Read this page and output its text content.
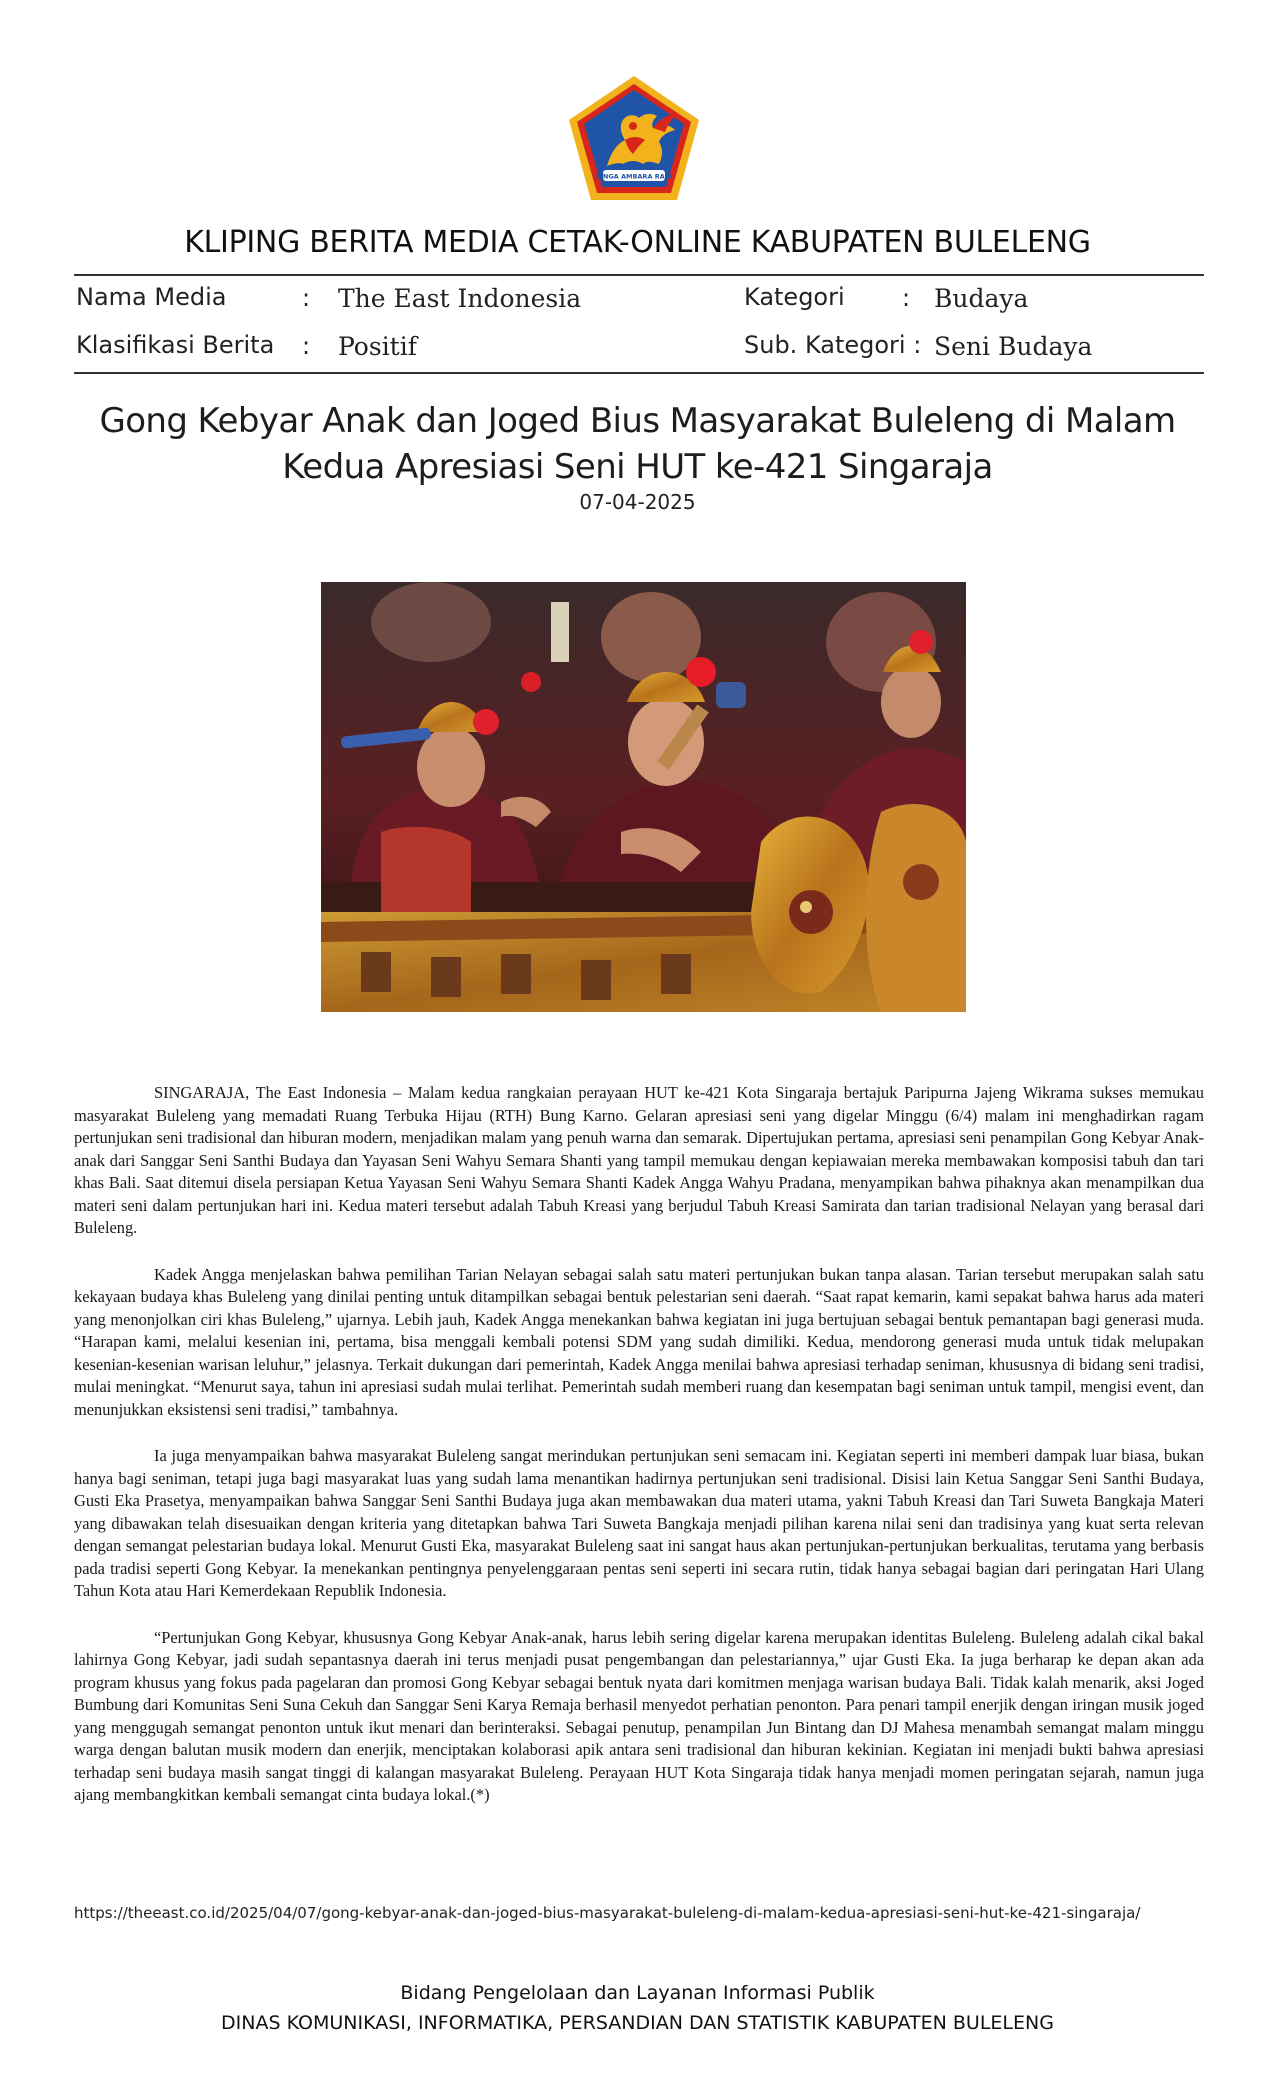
SINGA AMBARA RAJA
KLIPING BERITA MEDIA CETAK-ONLINE KABUPATEN BULELENG
Nama Media	: The East Indonesia	Kategori : Budaya
Klasifikasi Berita : Positif	Sub. Kategori : Seni Budaya
Gong Kebyar Anak dan Joged Bius Masyarakat Buleleng di Malam Kedua Apresiasi Seni HUT ke-421 Singaraja
07-04-2025

SINGARAJA, The East Indonesia – Malam kedua rangkaian perayaan HUT ke-421 Kota Singaraja bertajuk Paripurna Jajeng Wikrama sukses memukau masyarakat Buleleng yang memadati Ruang Terbuka Hijau (RTH) Bung Karno. Gelaran apresiasi seni yang digelar Minggu (6/4) malam ini menghadirkan ragam pertunjukan seni tradisional dan hiburan modern, menjadikan malam yang penuh warna dan semarak. Dipertujukan pertama, apresiasi seni penampilan Gong Kebyar Anak-anak dari Sanggar Seni Santhi Budaya dan Yayasan Seni Wahyu Semara Shanti yang tampil memukau dengan kepiawaian mereka membawakan komposisi tabuh dan tari khas Bali. Saat ditemui disela persiapan Ketua Yayasan Seni Wahyu Semara Shanti Kadek Angga Wahyu Pradana, menyampikan bahwa pihaknya akan menampilkan dua materi seni dalam pertunjukan hari ini. Kedua materi tersebut adalah Tabuh Kreasi yang berjudul Tabuh Kreasi Samirata dan tarian tradisional Nelayan yang berasal dari Buleleng.

Kadek Angga menjelaskan bahwa pemilihan Tarian Nelayan sebagai salah satu materi pertunjukan bukan tanpa alasan. Tarian tersebut merupakan salah satu kekayaan budaya khas Buleleng yang dinilai penting untuk ditampilkan sebagai bentuk pelestarian seni daerah. “Saat rapat kemarin, kami sepakat bahwa harus ada materi yang menonjolkan ciri khas Buleleng,” ujarnya. Lebih jauh, Kadek Angga menekankan bahwa kegiatan ini juga bertujuan sebagai bentuk pemantapan bagi generasi muda. “Harapan kami, melalui kesenian ini, pertama, bisa menggali kembali potensi SDM yang sudah dimiliki. Kedua, mendorong generasi muda untuk tidak melupakan kesenian-kesenian warisan leluhur,” jelasnya. Terkait dukungan dari pemerintah, Kadek Angga menilai bahwa apresiasi terhadap seniman, khususnya di bidang seni tradisi, mulai meningkat. “Menurut saya, tahun ini apresiasi sudah mulai terlihat. Pemerintah sudah memberi ruang dan kesempatan bagi seniman untuk tampil, mengisi event, dan menunjukkan eksistensi seni tradisi,” tambahnya.

Ia juga menyampaikan bahwa masyarakat Buleleng sangat merindukan pertunjukan seni semacam ini. Kegiatan seperti ini memberi dampak luar biasa, bukan hanya bagi seniman, tetapi juga bagi masyarakat luas yang sudah lama menantikan hadirnya pertunjukan seni tradisional. Disisi lain Ketua Sanggar Seni Santhi Budaya, Gusti Eka Prasetya, menyampaikan bahwa Sanggar Seni Santhi Budaya juga akan membawakan dua materi utama, yakni Tabuh Kreasi dan Tari Suweta Bangkaja Materi yang dibawakan telah disesuaikan dengan kriteria yang ditetapkan bahwa Tari Suweta Bangkaja menjadi pilihan karena nilai seni dan tradisinya yang kuat serta relevan dengan semangat pelestarian budaya lokal. Menurut Gusti Eka, masyarakat Buleleng saat ini sangat haus akan pertunjukan-pertunjukan berkualitas, terutama yang berbasis pada tradisi seperti Gong Kebyar. Ia menekankan pentingnya penyelenggaraan pentas seni seperti ini secara rutin, tidak hanya sebagai bagian dari peringatan Hari Ulang Tahun Kota atau Hari Kemerdekaan Republik Indonesia.

“Pertunjukan Gong Kebyar, khususnya Gong Kebyar Anak-anak, harus lebih sering digelar karena merupakan identitas Buleleng. Buleleng adalah cikal bakal lahirnya Gong Kebyar, jadi sudah sepantasnya daerah ini terus menjadi pusat pengembangan dan pelestariannya,” ujar Gusti Eka. Ia juga berharap ke depan akan ada program khusus yang fokus pada pagelaran dan promosi Gong Kebyar sebagai bentuk nyata dari komitmen menjaga warisan budaya Bali. Tidak kalah menarik, aksi Joged Bumbung dari Komunitas Seni Suna Cekuh dan Sanggar Seni Karya Remaja berhasil menyedot perhatian penonton. Para penari tampil enerjik dengan iringan musik joged yang menggugah semangat penonton untuk ikut menari dan berinteraksi. Sebagai penutup, penampilan Jun Bintang dan DJ Mahesa menambah semangat malam minggu warga dengan balutan musik modern dan enerjik, menciptakan kolaborasi apik antara seni tradisional dan hiburan kekinian. Kegiatan ini menjadi bukti bahwa apresiasi terhadap seni budaya masih sangat tinggi di kalangan masyarakat Buleleng. Perayaan HUT Kota Singaraja tidak hanya menjadi momen peringatan sejarah, namun juga ajang membangkitkan kembali semangat cinta budaya lokal.(*)

https://theeast.co.id/2025/04/07/gong-kebyar-anak-dan-joged-bius-masyarakat-buleleng-di-malam-kedua-apresiasi-seni-hut-ke-421-singaraja/
Bidang Pengelolaan dan Layanan Informasi Publik
DINAS KOMUNIKASI, INFORMATIKA, PERSANDIAN DAN STATISTIK KABUPATEN BULELENG
